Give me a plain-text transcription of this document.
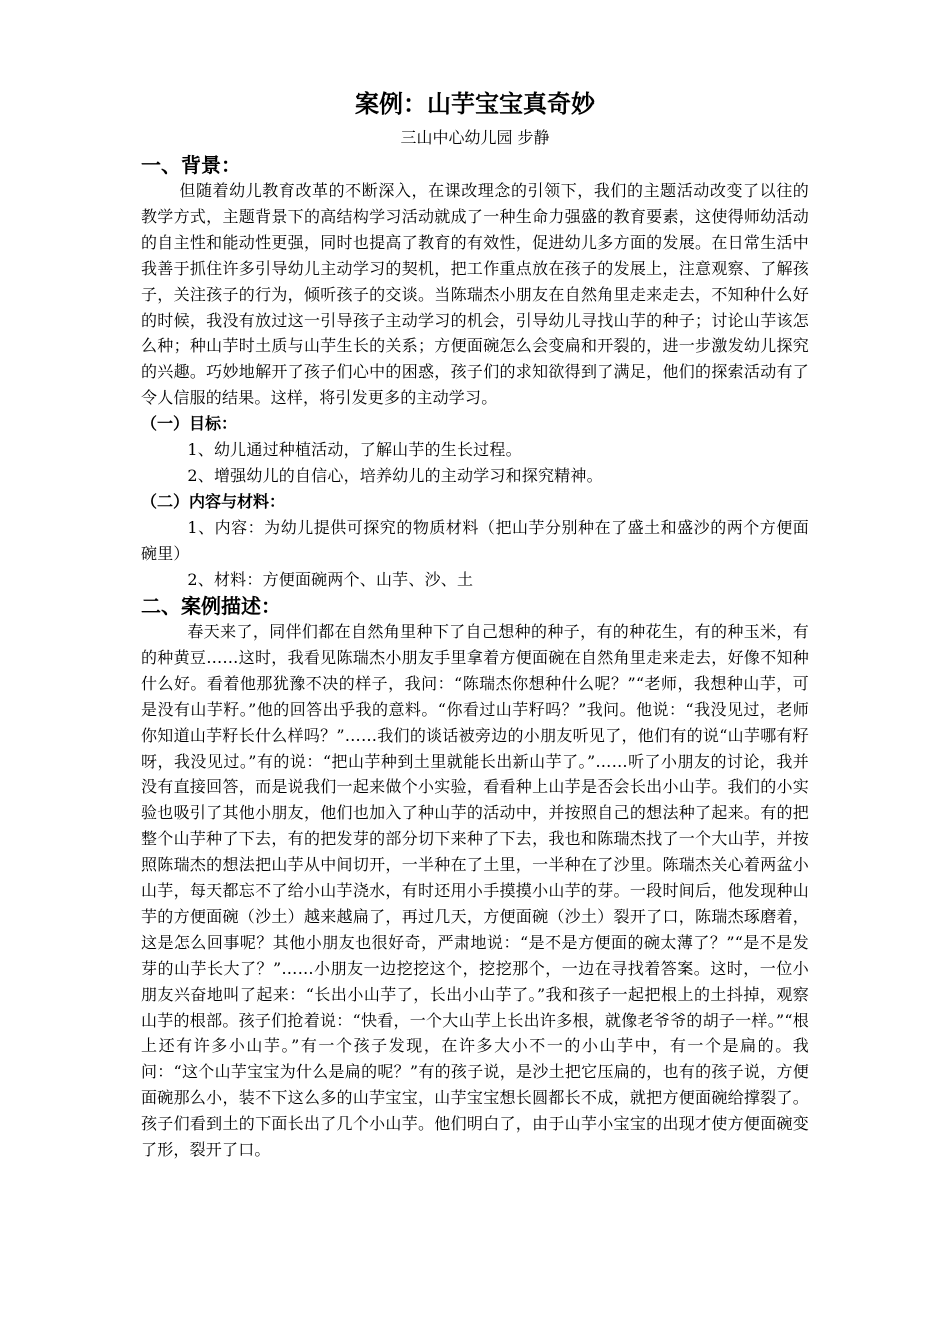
案例：山芋宝宝真奇妙

三山中心幼儿园 步静

一、背景：

但随着幼儿教育改革的不断深入，在课改理念的引领下，我们的主题活动改变了以往的教学方式，主题背景下的高结构学习活动就成了一种生命力强盛的教育要素，这使得师幼活动的自主性和能动性更强，同时也提高了教育的有效性，促进幼儿多方面的发展。在日常生活中我善于抓住许多引导幼儿主动学习的契机，把工作重点放在孩子的发展上，注意观察、了解孩子，关注孩子的行为，倾听孩子的交谈。当陈瑞杰小朋友在自然角里走来走去，不知种什么好的时候，我没有放过这一引导孩子主动学习的机会，引导幼儿寻找山芋的种子；讨论山芋该怎么种；种山芋时土质与山芋生长的关系；方便面碗怎么会变扁和开裂的，进一步激发幼儿探究的兴趣。巧妙地解开了孩子们心中的困惑，孩子们的求知欲得到了满足，他们的探索活动有了令人信服的结果。这样，将引发更多的主动学习。

（一）目标：

1、幼儿通过种植活动，了解山芋的生长过程。

2、增强幼儿的自信心，培养幼儿的主动学习和探究精神。

（二）内容与材料：

1、内容：为幼儿提供可探究的物质材料（把山芋分别种在了盛土和盛沙的两个方便面碗里）

2、材料：方便面碗两个、山芋、沙、土

二、案例描述：

春天来了，同伴们都在自然角里种下了自己想种的种子，有的种花生，有的种玉米，有的种黄豆……这时，我看见陈瑞杰小朋友手里拿着方便面碗在自然角里走来走去，好像不知种什么好。看着他那犹豫不决的样子，我问：“陈瑞杰你想种什么呢？”“老师，我想种山芋，可是没有山芋籽。”他的回答出乎我的意料。“你看过山芋籽吗？”我问。他说：“我没见过，老师你知道山芋籽长什么样吗？”……我们的谈话被旁边的小朋友听见了，他们有的说“山芋哪有籽呀，我没见过。”有的说：“把山芋种到土里就能长出新山芋了。”……听了小朋友的讨论，我并没有直接回答，而是说我们一起来做个小实验，看看种上山芋是否会长出小山芋。我们的小实验也吸引了其他小朋友，他们也加入了种山芋的活动中，并按照自己的想法种了起来。有的把整个山芋种了下去，有的把发芽的部分切下来种了下去，我也和陈瑞杰找了一个大山芋，并按照陈瑞杰的想法把山芋从中间切开，一半种在了土里，一半种在了沙里。陈瑞杰关心着两盆小山芋，每天都忘不了给小山芋浇水，有时还用小手摸摸小山芋的芽。一段时间后，他发现种山芋的方便面碗（沙土）越来越扁了，再过几天，方便面碗（沙土）裂开了口，陈瑞杰琢磨着，这是怎么回事呢？其他小朋友也很好奇，严肃地说：“是不是方便面的碗太薄了？”“是不是发芽的山芋长大了？”……小朋友一边挖挖这个，挖挖那个，一边在寻找着答案。这时，一位小朋友兴奋地叫了起来：“长出小山芋了，长出小山芋了。”我和孩子一起把根上的土抖掉，观察山芋的根部。孩子们抢着说：“快看，一个大山芋上长出许多根，就像老爷爷的胡子一样。”“根上还有许多小山芋。”有一个孩子发现，在许多大小不一的小山芋中，有一个是扁的。我问：“这个山芋宝宝为什么是扁的呢？”有的孩子说，是沙土把它压扁的，也有的孩子说，方便面碗那么小，装不下这么多的山芋宝宝，山芋宝宝想长圆都长不成，就把方便面碗给撑裂了。孩子们看到土的下面长出了几个小山芋。他们明白了，由于山芋小宝宝的出现才使方便面碗变了形，裂开了口。
